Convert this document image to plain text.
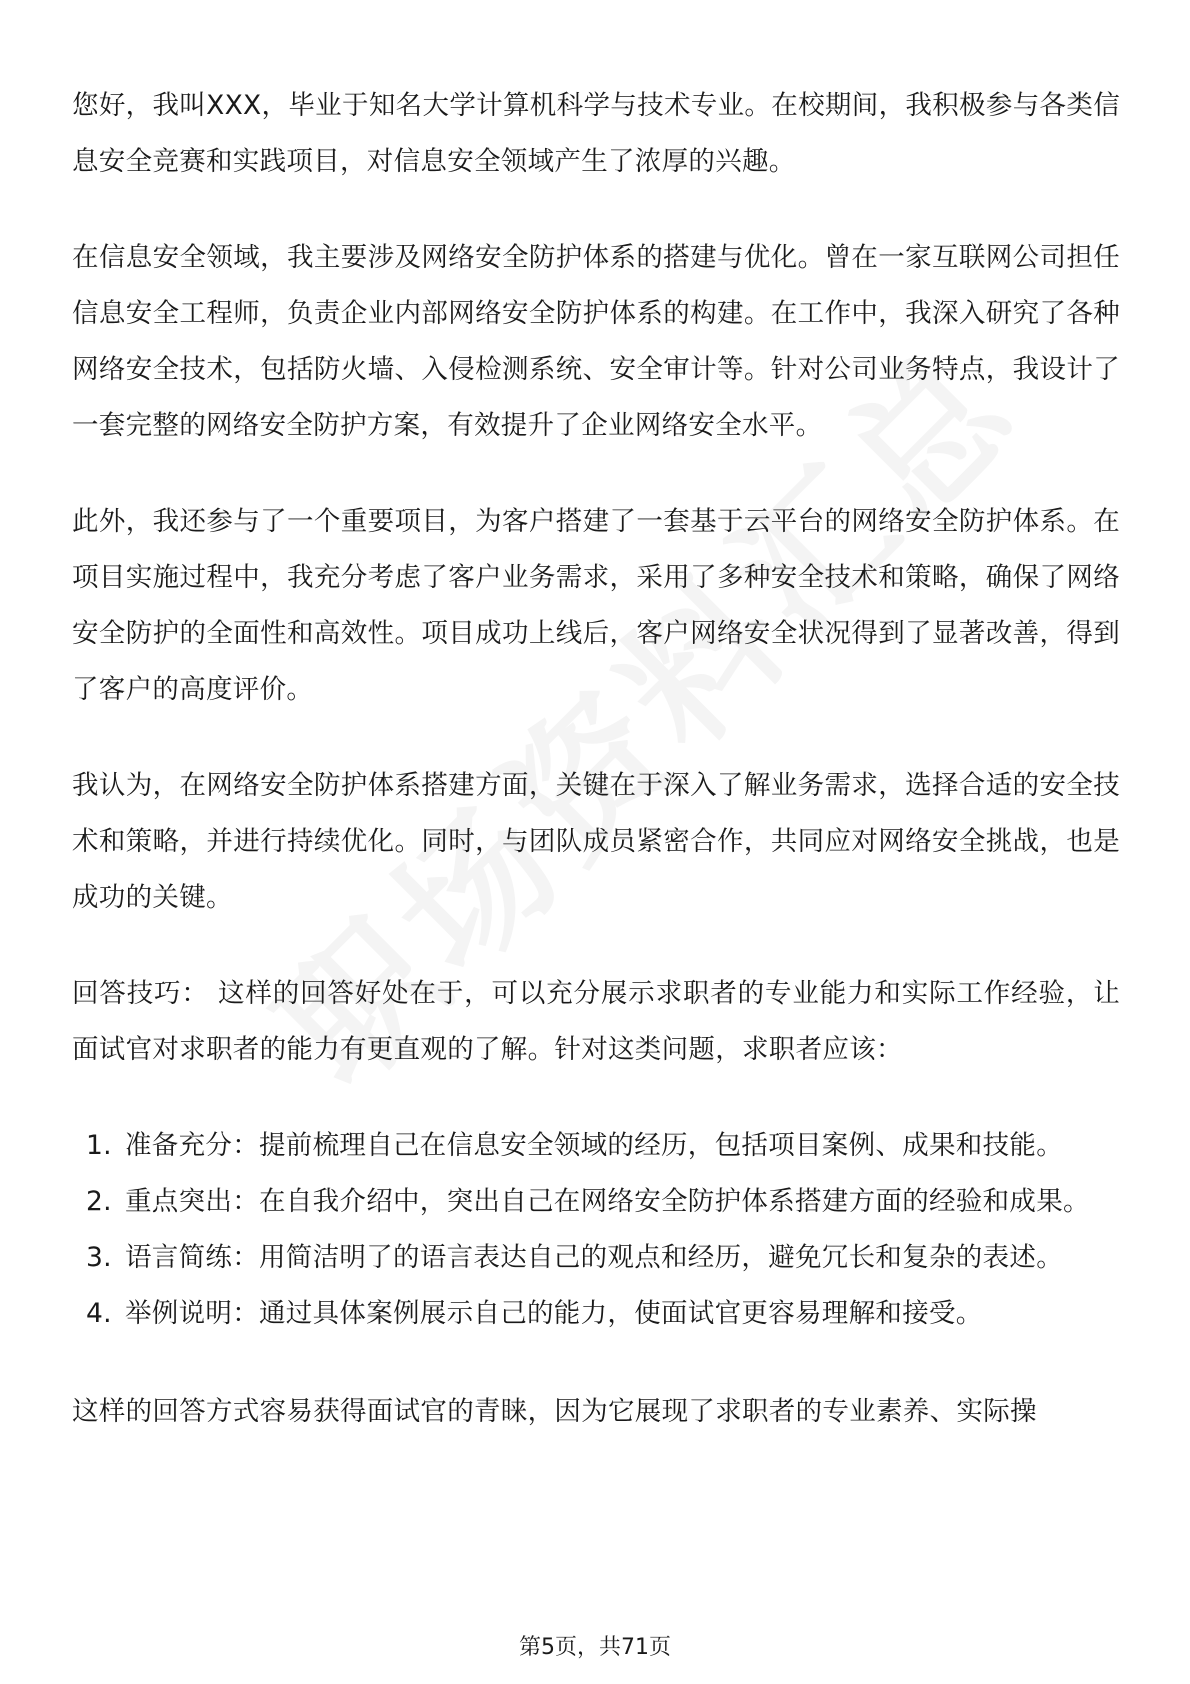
您好，我叫XXX，毕业于知名大学计算机科学与技术专业。在校期间，我积极参与各类信息安全竞赛和实践项目，对信息安全领域产生了浓厚的兴趣。

在信息安全领域，我主要涉及网络安全防护体系的搭建与优化。曾在一家互联网公司担任信息安全工程师，负责企业内部网络安全防护体系的构建。在工作中，我深入研究了各种网络安全技术，包括防火墙、入侵检测系统、安全审计等。针对公司业务特点，我设计了一套完整的网络安全防护方案，有效提升了企业网络安全水平。

此外，我还参与了一个重要项目，为客户搭建了一套基于云平台的网络安全防护体系。在项目实施过程中，我充分考虑了客户业务需求，采用了多种安全技术和策略，确保了网络安全防护的全面性和高效性。项目成功上线后，客户网络安全状况得到了显著改善，得到了客户的高度评价。

我认为，在网络安全防护体系搭建方面，关键在于深入了解业务需求，选择合适的安全技术和策略，并进行持续优化。同时，与团队成员紧密合作，共同应对网络安全挑战，也是成功的关键。

回答技巧： 这样的回答好处在于，可以充分展示求职者的专业能力和实际工作经验，让面试官对求职者的能力有更直观的了解。针对这类问题，求职者应该：

1. 准备充分：提前梳理自己在信息安全领域的经历，包括项目案例、成果和技能。
2. 重点突出：在自我介绍中，突出自己在网络安全防护体系搭建方面的经验和成果。
3. 语言简练：用简洁明了的语言表达自己的观点和经历，避免冗长和复杂的表述。
4. 举例说明：通过具体案例展示自己的能力，使面试官更容易理解和接受。

这样的回答方式容易获得面试官的青睐，因为它展现了求职者的专业素养、实际操

第5页，共71页
